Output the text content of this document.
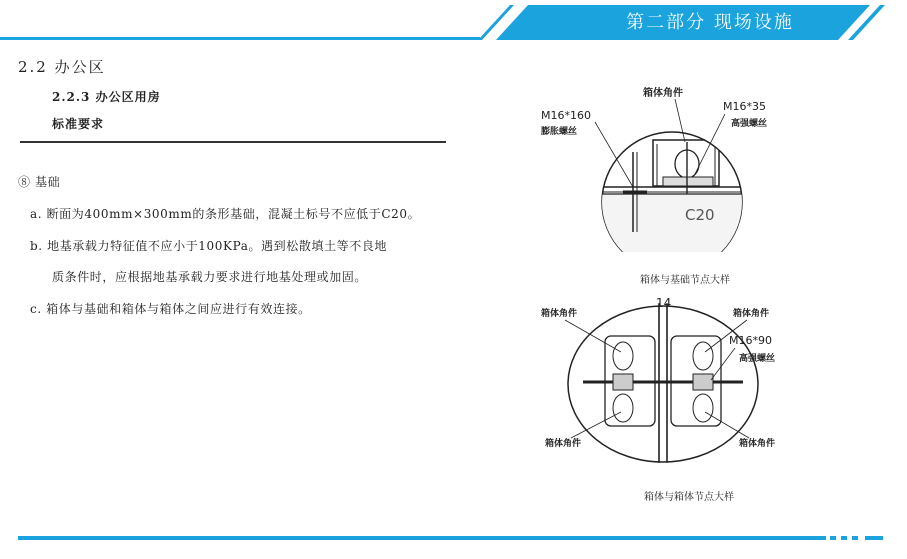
第二部分 现场设施
2.2 办公区
2.2.3 办公区用房
标准要求
⑧ 基础
a. 断面为400mm×300mm的条形基础，混凝土标号不应低于C20。
b. 地基承载力特征值不应小于100KPa。遇到松散填土等不良地
质条件时，应根据地基承载力要求进行地基处理或加固。
c. 箱体与基础和箱体与箱体之间应进行有效连接。
C20
箱体角件
M16*160
膨胀螺丝
M16*35
高强螺丝
箱体与基础节点大样
14
箱体角件	箱体角件
M16*90
高强螺丝
箱体角件	箱体角件
箱体与箱体节点大样
